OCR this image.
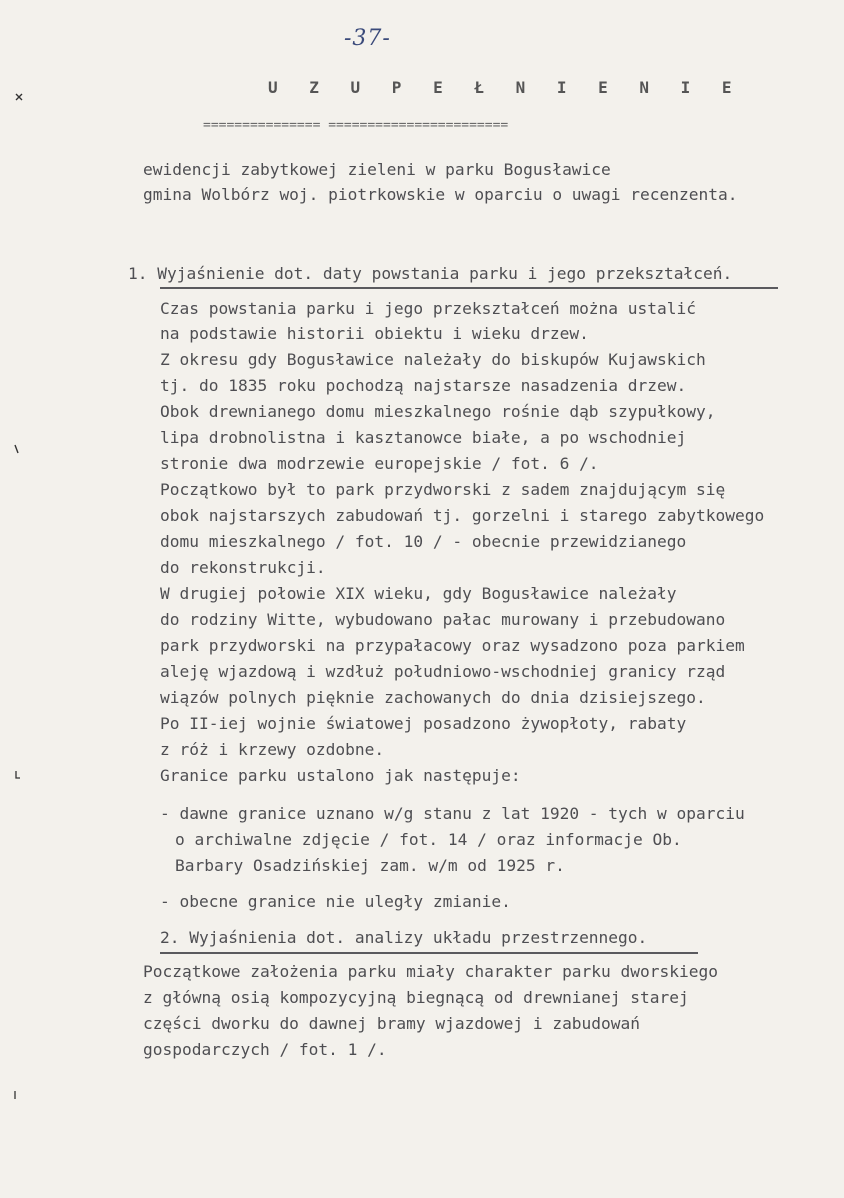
-37-
U Z U P E Ł N I E N I E
=============== =======================
ewidencji zabytkowej zieleni w parku Bogusławice
gmina Wolbórz woj. piotrkowskie w oparciu o uwagi recenzenta.
1. Wyjaśnienie dot. daty powstania parku i jego przekształceń.
Czas powstania parku i jego przekształceń można ustalić
na podstawie historii obiektu i wieku drzew.
Z okresu gdy Bogusławice należały do biskupów Kujawskich
tj. do 1835 roku pochodzą najstarsze nasadzenia drzew.
Obok drewnianego domu mieszkalnego rośnie dąb szypułkowy,
lipa drobnolistna i kasztanowce białe, a po wschodniej
stronie dwa modrzewie europejskie / fot. 6 /.
Początkowo był to park przydworski z sadem znajdującym się
obok najstarszych zabudowań tj. gorzelni i starego zabytkowego
domu mieszkalnego / fot. 10 / - obecnie przewidzianego
do rekonstrukcji.
W drugiej połowie XIX wieku, gdy Bogusławice należały
do rodziny Witte, wybudowano pałac murowany i przebudowano
park przydworski na przypałacowy oraz wysadzono poza parkiem
aleję wjazdową i wzdłuż południowo-wschodniej granicy rząd
wiązów polnych pięknie zachowanych do dnia dzisiejszego.
Po II-iej wojnie światowej posadzono żywopłoty, rabaty
z róż i krzewy ozdobne.
Granice parku ustalono jak następuje:
- dawne granice uznano w/g stanu z lat 1920 - tych w oparciu
o archiwalne zdjęcie / fot. 14 / oraz informacje Ob.
Barbary Osadzińskiej zam. w/m od 1925 r.
- obecne granice nie uległy zmianie.
2. Wyjaśnienia dot. analizy układu przestrzennego.
Początkowe założenia parku miały charakter parku dworskiego
z główną osią kompozycyjną biegnącą od drewnianej starej
części dworku do dawnej bramy wjazdowej i zabudowań
gospodarczych / fot. 1 /.
